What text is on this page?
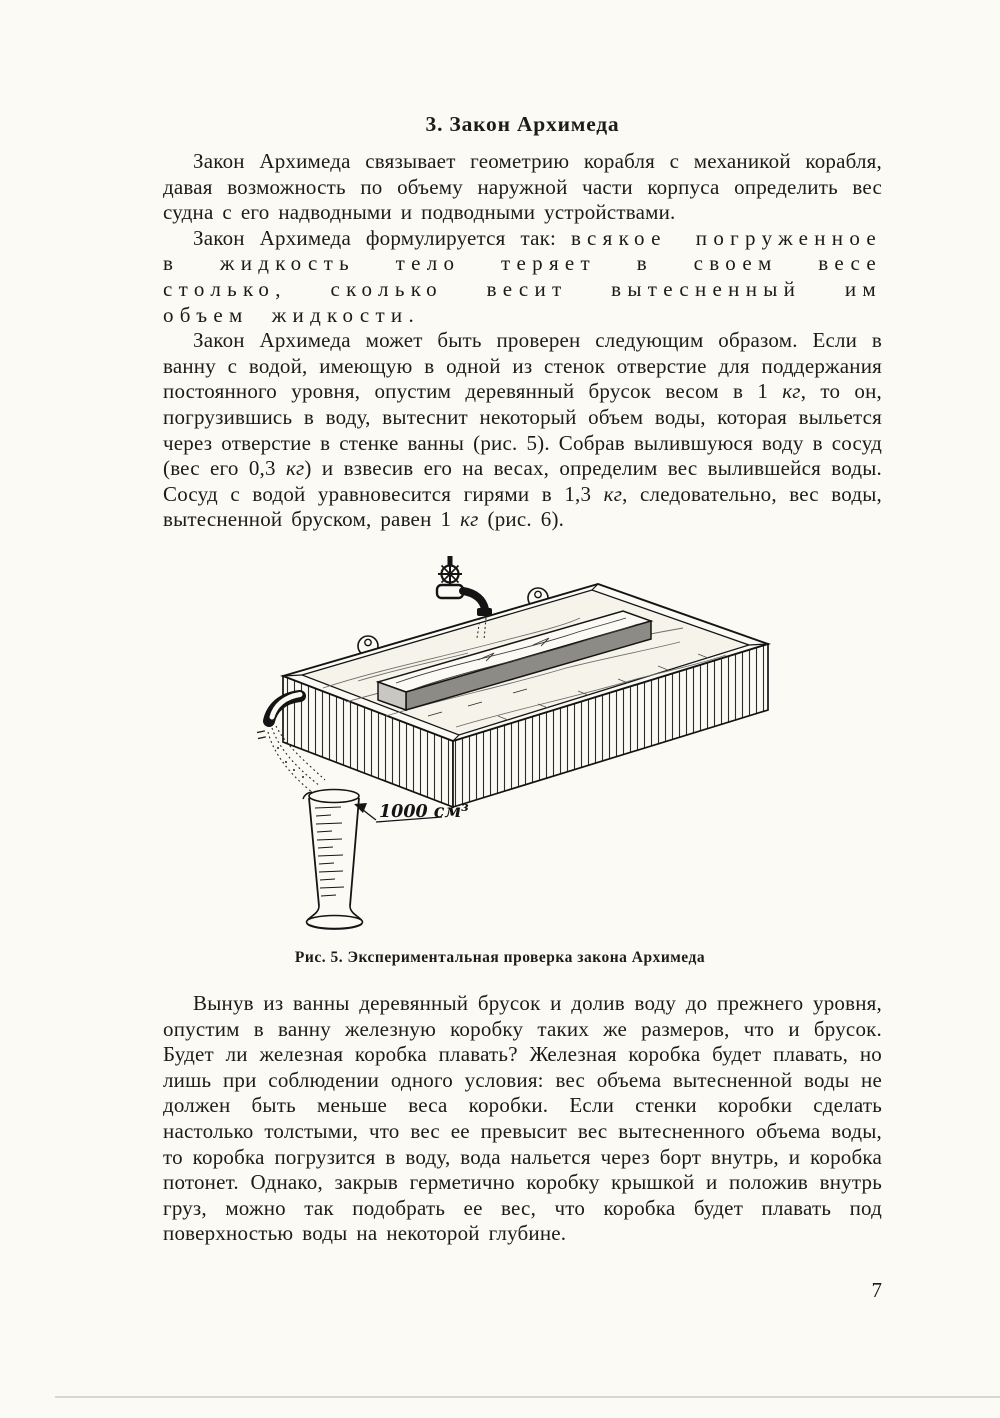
3. Закон Архимеда

Закон Архимеда связывает геометрию корабля с механикой корабля, давая возможность по объему наружной части корпуса определить вес судна с его надводными и подводными устройствами.

Закон Архимеда формулируется так: всякое погруженное в жидкость тело теряет в своем весе столько, сколько весит вытесненный им объем жидкости.

Закон Архимеда может быть проверен следующим образом. Если в ванну с водой, имеющую в одной из стенок отверстие для поддержания постоянного уровня, опустим деревянный брусок весом в 1 кг, то он, погрузившись в воду, вытеснит некоторый объем воды, которая выльется через отверстие в стенке ванны (рис. 5). Собрав вылившуюся воду в сосуд (вес его 0,3 кг) и взвесив его на весах, определим вес вылившейся воды. Сосуд с водой уравновесится гирями в 1,3 кг, следовательно, вес воды, вытесненной бруском, равен 1 кг (рис. 6).

1000 см³
Рис. 5. Экспериментальная проверка закона Архимеда

Вынув из ванны деревянный брусок и долив воду до прежнего уровня, опустим в ванну железную коробку таких же размеров, что и брусок. Будет ли железная коробка плавать? Железная коробка будет плавать, но лишь при соблюдении одного условия: вес объема вытесненной воды не должен быть меньше веса коробки. Если стенки коробки сделать настолько толстыми, что вес ее превысит вес вытесненного объема воды, то коробка погрузится в воду, вода нальется через борт внутрь, и коробка потонет. Однако, закрыв герметично коробку крышкой и положив внутрь груз, можно так подобрать ее вес, что коробка будет плавать под поверхностью воды на некоторой глубине.

7
